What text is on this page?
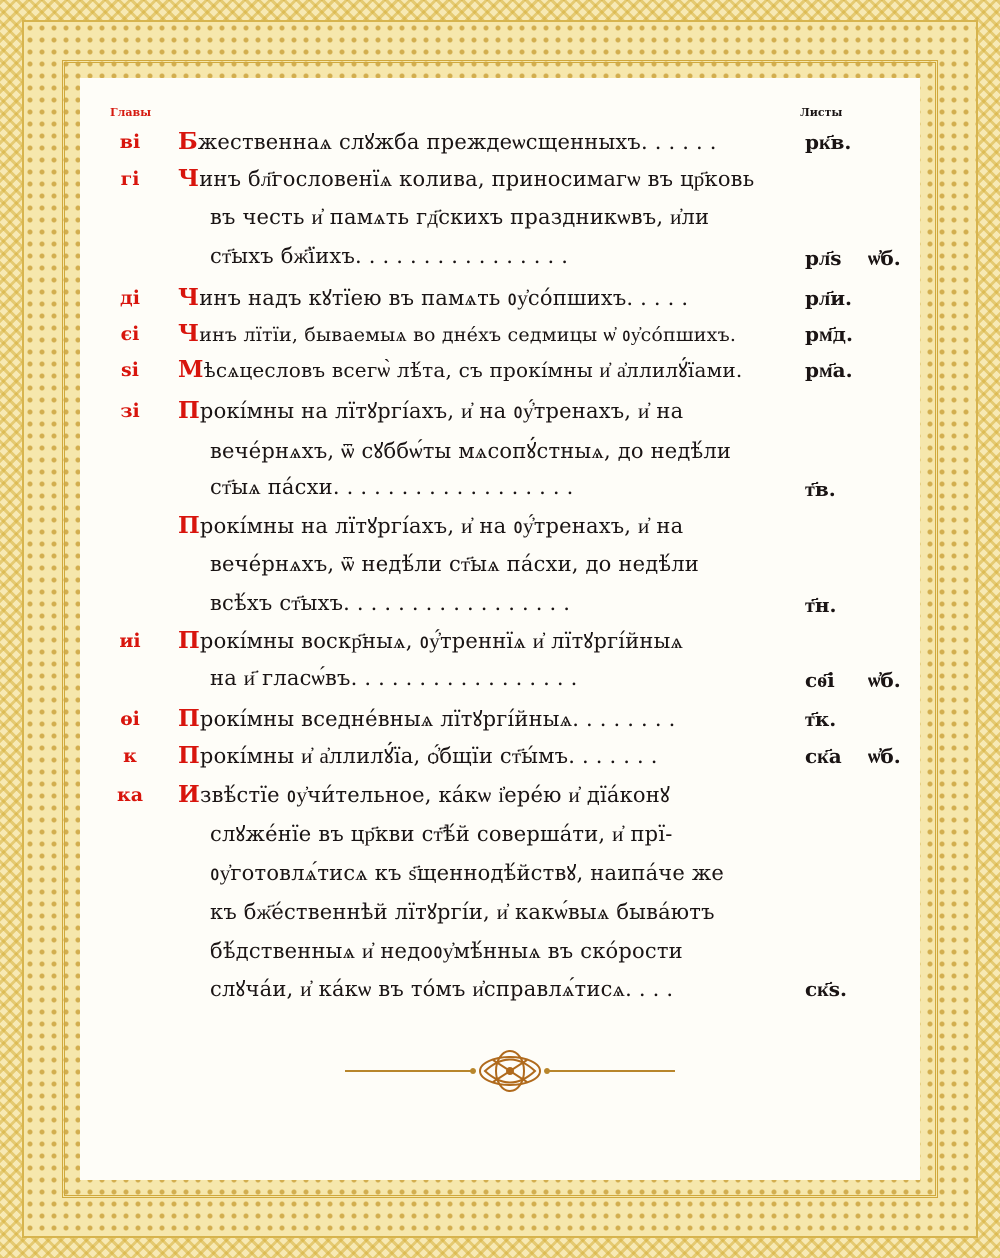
Главы	Листы
ві	Бжественнаѧ слꙋжба преждеѡсщенныхъ. . . . . .	рк҃в.
гі	Чинъ бл҃гословенїѧ колива, приносимагѡ въ цр҃ковь
въ честь и҆ памѧть гд҃скихъ праздникѡвъ, и҆ли
ст҃ыхъ бж҃їихъ. . . . . . . . . . . . . . . .	рл҃ѕ ѡ҆б.
ді	Чинъ надъ кꙋтїею въ памѧть ᲂу҆со́пшихъ. . . . .	рл҃и.
єі	Чинъ лїтїи, бываемыѧ во дне́хъ седмицы ѡ҆ ᲂу҆со́пшихъ.	рм҃д.
ѕі	Мѣсѧцесловъ всегѡ̀ лѣ́та, съ прокі́мны и҆ а҆ллилꙋ́їами.	рм҃а.
зі	Прокі́мны на лїтꙋргі́ахъ, и҆ на ᲂу҆́тренахъ, и҆ на
вече́рнѧхъ, ѿ сꙋббѡ́ты мѧсопꙋ́стныѧ, до недѣ́ли
ст҃ыѧ па́схи. . . . . . . . . . . . . . . . . .	т҃в.
Прокі́мны на лїтꙋргі́ахъ, и҆ на ᲂу҆́тренахъ, и҆ на
вече́рнѧхъ, ѿ недѣ́ли ст҃ыѧ па́схи, до недѣ́ли
всѣ́хъ ст҃ыхъ. . . . . . . . . . . . . . . . .	т҃н.
иі	Прокі́мны воскр҃ныѧ, ᲂу҆́треннїѧ и҆ лїтꙋргі́йныѧ
на и҃ гласѡ́въ. . . . . . . . . . . . . . . . .	сѳ҃і ѡ҆б.
ѳі	Прокі́мны вседне́вныѧ лїтꙋргі́йныѧ. . . . . . . .	т҃к.
к	Прокі́мны и҆ а҆ллилꙋ́їа, ѻ҆́бщїи ст҃ы́мъ. . . . . . .	ск҃а ѡ҆б.
ка	Извѣ́стїе ᲂу҆чи́тельное, ка́кѡ і҆ере́ю и҆ дїа́конꙋ
слꙋже́нїе въ цр҃кви ст҃ѣ́й соверша́ти, и҆ прї-
ᲂу҆готовлѧ́тисѧ къ ѕ҃щеннодѣ́йствꙋ, наипа́че же
къ бж҃е́ственнѣй лїтꙋргі́и, и҆ какѡ́выѧ быва́ютъ
бѣ́дственныѧ и҆ недоᲂу҆мѣ́нныѧ въ ско́рости
слꙋча́и, и҆ ка́кѡ въ то́мъ и҆справлѧ́тисѧ. . . .	ск҃ѕ.
